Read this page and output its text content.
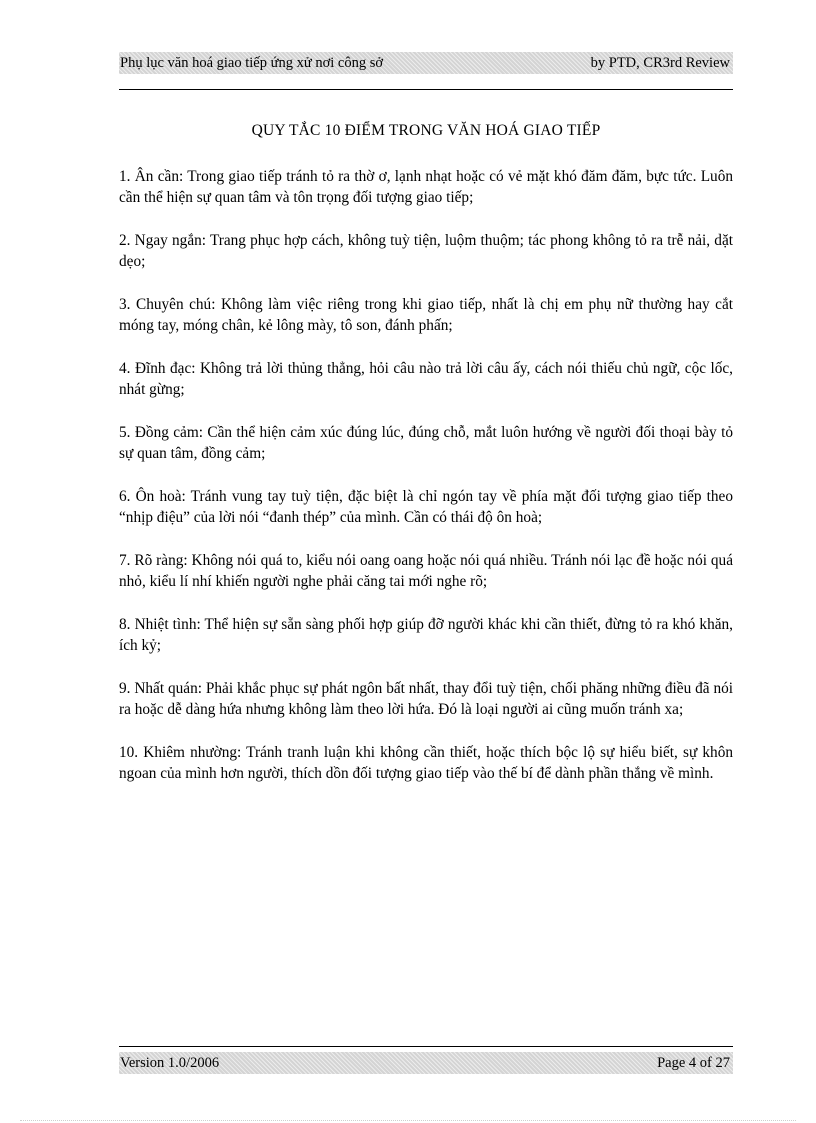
Phụ lục văn hoá giao tiếp ứng xử nơi công sở	by PTD, CR3rd Review
QUY TẮC 10 ĐIỂM TRONG VĂN HOÁ GIAO TIẾP

1. Ân cần: Trong giao tiếp tránh tỏ ra thờ ơ, lạnh nhạt hoặc có vẻ mặt khó đăm đăm, bực tức. Luôn cần thể hiện sự quan tâm và tôn trọng đối tượng giao tiếp;

2. Ngay ngắn: Trang phục hợp cách, không tuỳ tiện, luộm thuộm; tác phong không tỏ ra trễ nải, dặt dẹo;

3. Chuyên chú: Không làm việc riêng trong khi giao tiếp, nhất là chị em phụ nữ thường hay cắt móng tay, móng chân, kẻ lông mày, tô son, đánh phấn;

4. Đĩnh đạc: Không trả lời thủng thẳng, hỏi câu nào trả lời câu ấy, cách nói thiếu chủ ngữ, cộc lốc, nhát gừng;

5. Đồng cảm: Cần thể hiện cảm xúc đúng lúc, đúng chỗ, mắt luôn hướng về người đối thoại bày tỏ sự quan tâm, đồng cảm;

6. Ôn hoà: Tránh vung tay tuỳ tiện, đặc biệt là chỉ ngón tay về phía mặt đối tượng giao tiếp theo “nhịp điệu” của lời nói “đanh thép” của mình. Cần có thái độ ôn hoà;

7. Rõ ràng: Không nói quá to, kiểu nói oang oang hoặc nói quá nhiều. Tránh nói lạc đề hoặc nói quá nhỏ, kiểu lí nhí khiến người nghe phải căng tai mới nghe rõ;

8. Nhiệt tình: Thể hiện sự sẵn sàng phối hợp giúp đỡ người khác khi cần thiết, đừng tỏ ra khó khăn, ích kỷ;

9. Nhất quán: Phải khắc phục sự phát ngôn bất nhất, thay đổi tuỳ tiện, chối phăng những điều đã nói ra hoặc dễ dàng hứa nhưng không làm theo lời hứa. Đó là loại người ai cũng muốn tránh xa;

10. Khiêm nhường: Tránh tranh luận khi không cần thiết, hoặc thích bộc lộ sự hiểu biết, sự khôn ngoan của mình hơn người, thích dồn đối tượng giao tiếp vào thế bí để dành phần thắng về mình.

Version 1.0/2006	Page 4 of 27
